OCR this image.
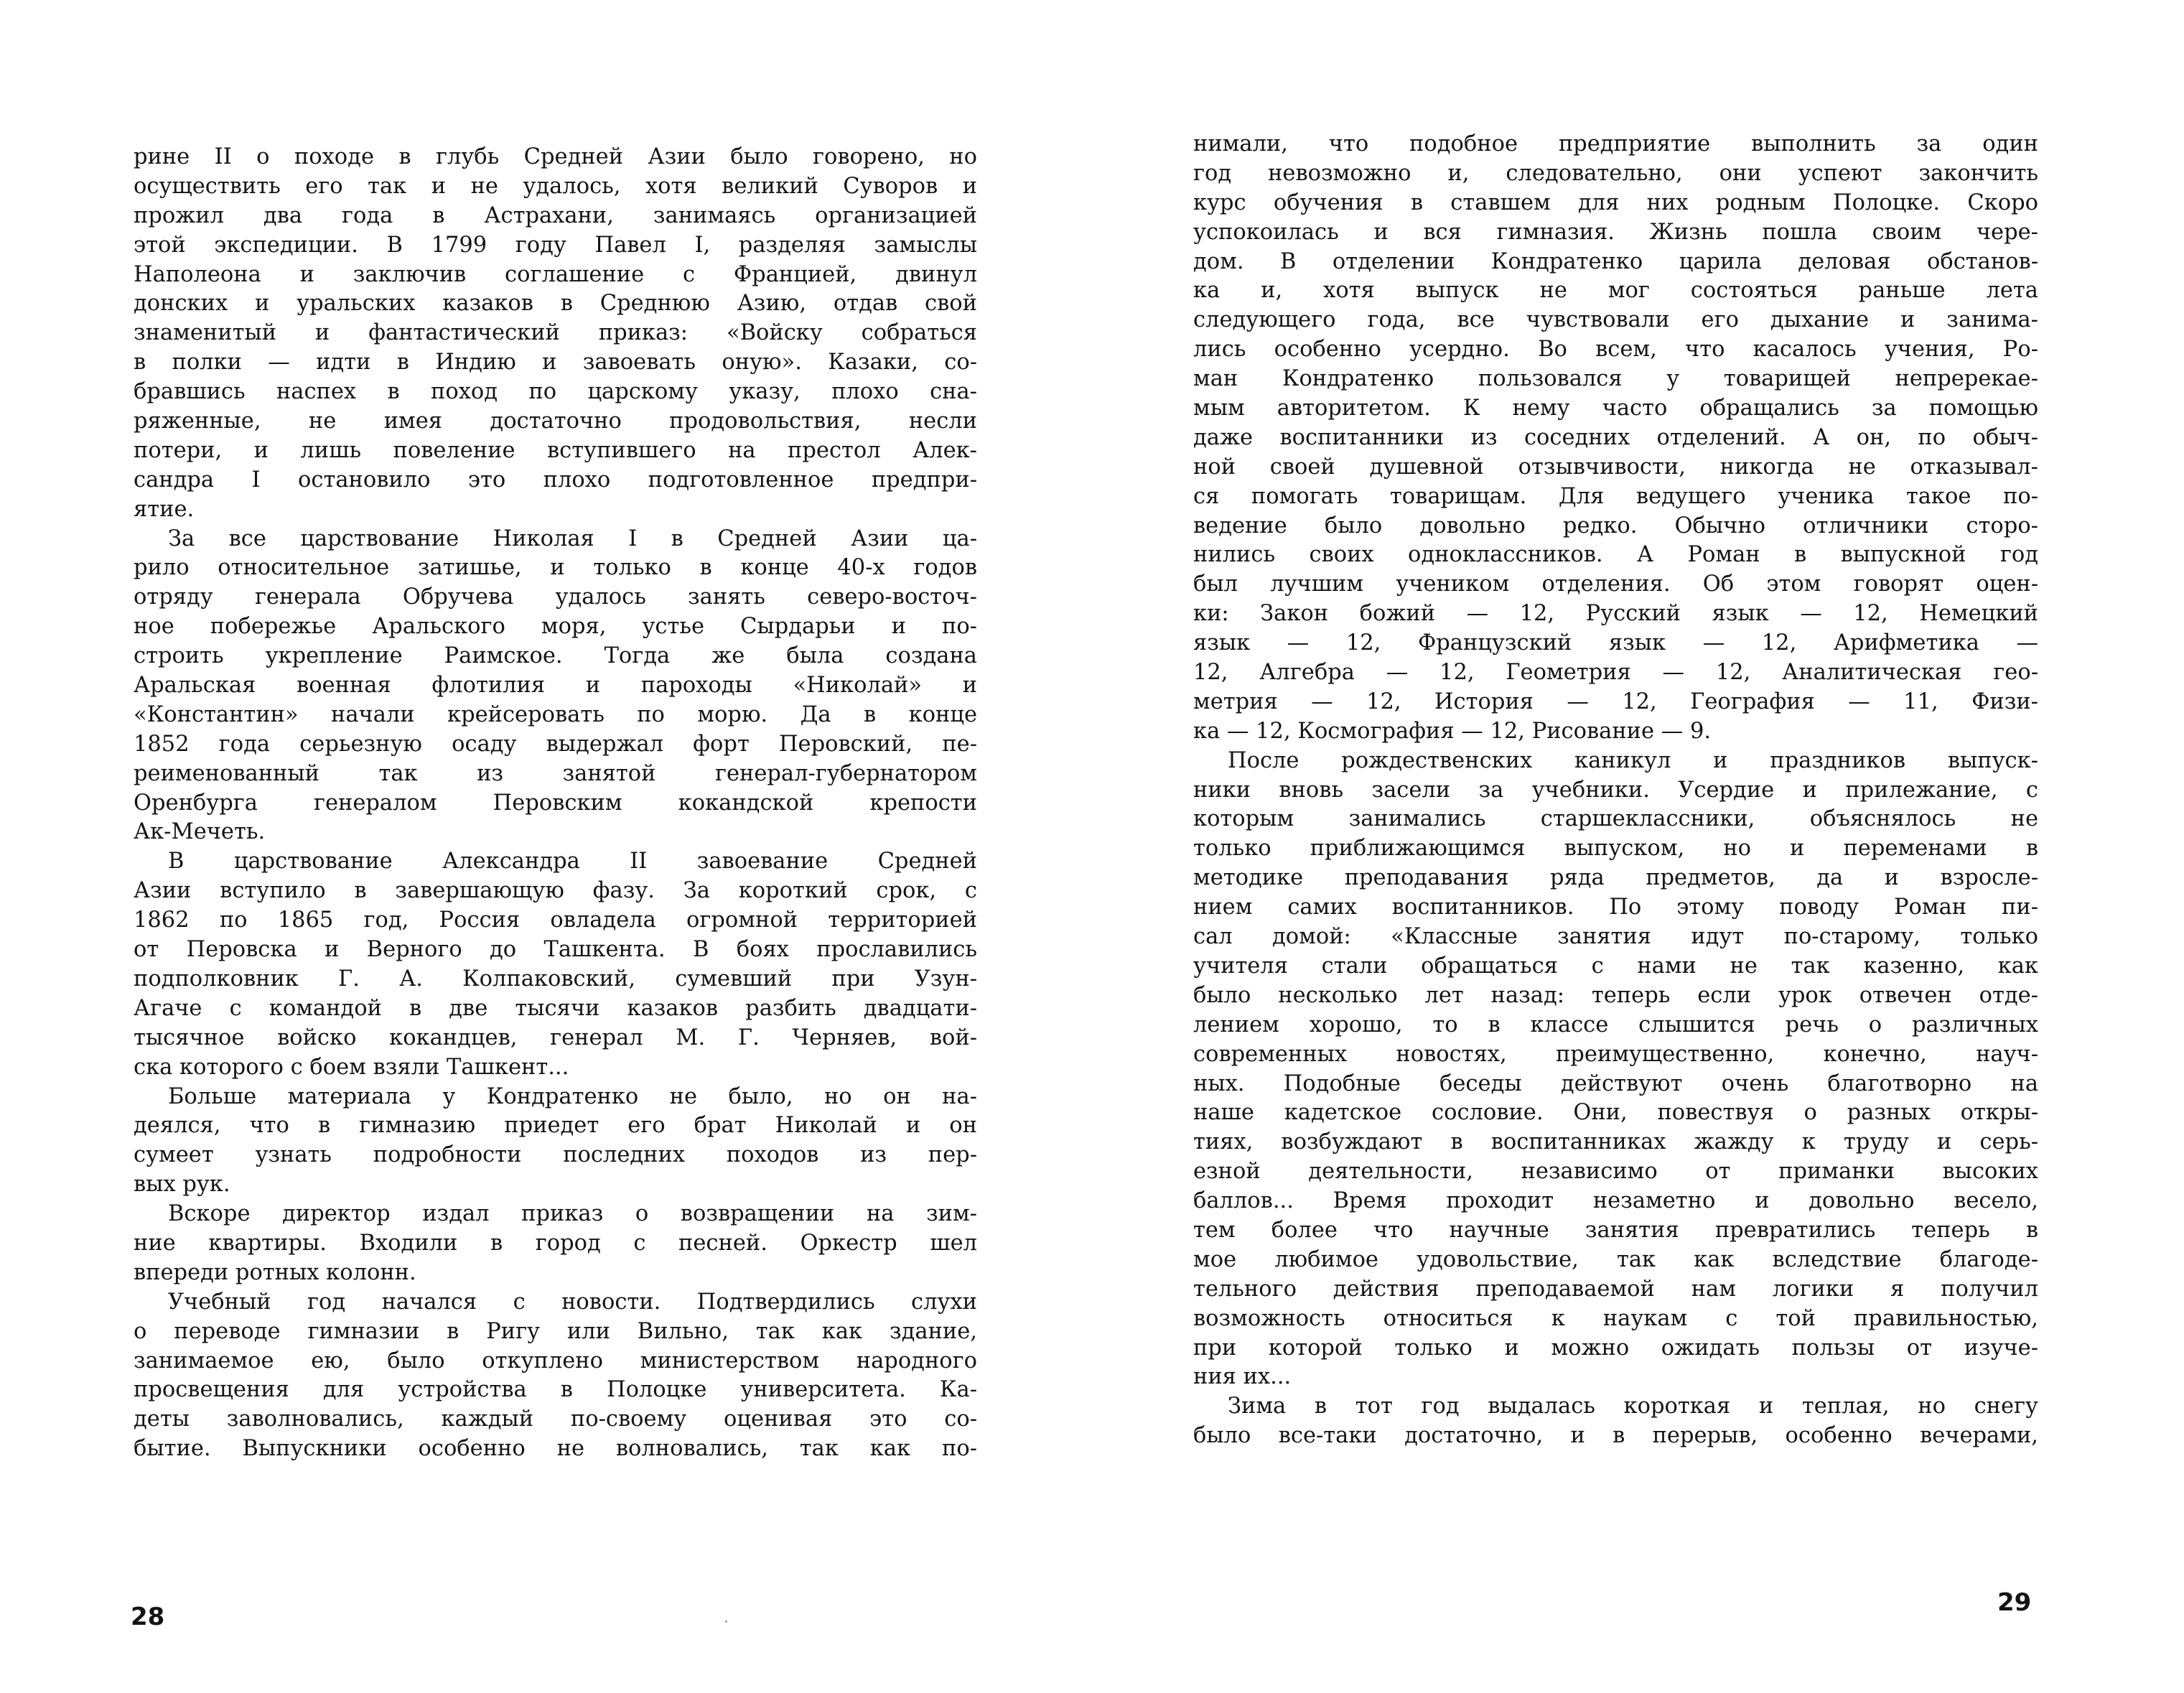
рине II о походе в глубь Средней Азии было говорено, но
осуществить его так и не удалось, хотя великий Суворов и
прожил два года в Астрахани, занимаясь организацией
этой экспедиции. В 1799 году Павел I, разделяя замыслы
Наполеона и заключив соглашение с Францией, двинул
донских и уральских казаков в Среднюю Азию, отдав свой
знаменитый и фантастический приказ: «Войску собраться
в полки — идти в Индию и завоевать оную». Казаки, со-
бравшись наспех в поход по царскому указу, плохо сна-
ряженные, не имея достаточно продовольствия, несли
потери, и лишь повеление вступившего на престол Алек-
сандра I остановило это плохо подготовленное предпри-
ятие.
За все царствование Николая I в Средней Азии ца-
рило относительное затишье, и только в конце 40-х годов
отряду генерала Обручева удалось занять северо-восточ-
ное побережье Аральского моря, устье Сырдарьи и по-
строить укрепление Раимское. Тогда же была создана
Аральская военная флотилия и пароходы «Николай» и
«Константин» начали крейсеровать по морю. Да в конце
1852 года серьезную осаду выдержал форт Перовский, пе-
реименованный так из занятой генерал-губернатором
Оренбурга генералом Перовским кокандской крепости
Ак-Мечеть.
В царствование Александра II завоевание Средней
Азии вступило в завершающую фазу. За короткий срок, с
1862 по 1865 год, Россия овладела огромной территорией
от Перовска и Верного до Ташкента. В боях прославились
подполковник Г. А. Колпаковский, сумевший при Узун-
Агаче с командой в две тысячи казаков разбить двадцати-
тысячное войско кокандцев, генерал М. Г. Черняев, вой-
ска которого с боем взяли Ташкент...
Больше материала у Кондратенко не было, но он на-
деялся, что в гимназию приедет его брат Николай и он
сумеет узнать подробности последних походов из пер-
вых рук.
Вскоре директор издал приказ о возвращении на зим-
ние квартиры. Входили в город с песней. Оркестр шел
впереди ротных колонн.
Учебный год начался с новости. Подтвердились слухи
о переводе гимназии в Ригу или Вильно, так как здание,
занимаемое ею, было откуплено министерством народного
просвещения для устройства в Полоцке университета. Ка-
деты заволновались, каждый по-своему оценивая это со-
бытие. Выпускники особенно не волновались, так как по-
28
нимали, что подобное предприятие выполнить за один
год невозможно и, следовательно, они успеют закончить
курс обучения в ставшем для них родным Полоцке. Скоро
успокоилась и вся гимназия. Жизнь пошла своим чере-
дом. В отделении Кондратенко царила деловая обстанов-
ка и, хотя выпуск не мог состояться раньше лета
следующего года, все чувствовали его дыхание и занима-
лись особенно усердно. Во всем, что касалось учения, Ро-
ман Кондратенко пользовался у товарищей непререкае-
мым авторитетом. К нему часто обращались за помощью
даже воспитанники из соседних отделений. А он, по обыч-
ной своей душевной отзывчивости, никогда не отказывал-
ся помогать товарищам. Для ведущего ученика такое по-
ведение было довольно редко. Обычно отличники сторо-
нились своих одноклассников. А Роман в выпускной год
был лучшим учеником отделения. Об этом говорят оцен-
ки: Закон божий — 12, Русский язык — 12, Немецкий
язык — 12, Французский язык — 12, Арифметика —
12, Алгебра — 12, Геометрия — 12, Аналитическая гео-
метрия — 12, История — 12, География — 11, Физи-
ка — 12, Космография — 12, Рисование — 9.
После рождественских каникул и праздников выпуск-
ники вновь засели за учебники. Усердие и прилежание, с
которым занимались старшеклассники, объяснялось не
только приближающимся выпуском, но и переменами в
методике преподавания ряда предметов, да и взросле-
нием самих воспитанников. По этому поводу Роман пи-
сал домой: «Классные занятия идут по-старому, только
учителя стали обращаться с нами не так казенно, как
было несколько лет назад: теперь если урок отвечен отде-
лением хорошо, то в классе слышится речь о различных
современных новостях, преимущественно, конечно, науч-
ных. Подобные беседы действуют очень благотворно на
наше кадетское сословие. Они, повествуя о разных откры-
тиях, возбуждают в воспитанниках жажду к труду и серь-
езной деятельности, независимо от приманки высоких
баллов... Время проходит незаметно и довольно весело,
тем более что научные занятия превратились теперь в
мое любимое удовольствие, так как вследствие благоде-
тельного действия преподаваемой нам логики я получил
возможность относиться к наукам с той правильностью,
при которой только и можно ожидать пользы от изуче-
ния их...
Зима в тот год выдалась короткая и теплая, но снегу
было все-таки достаточно, и в перерыв, особенно вечерами,
29
